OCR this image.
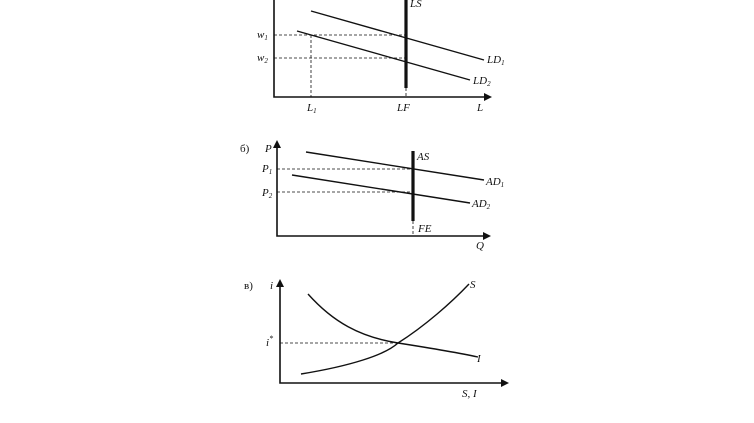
LS
w1
w2	LD1
LD2
L1	LF	L
б) P
P1
P2
AS
AD1
AD2
FE
Q
в) i
i*
S
I
S, I
